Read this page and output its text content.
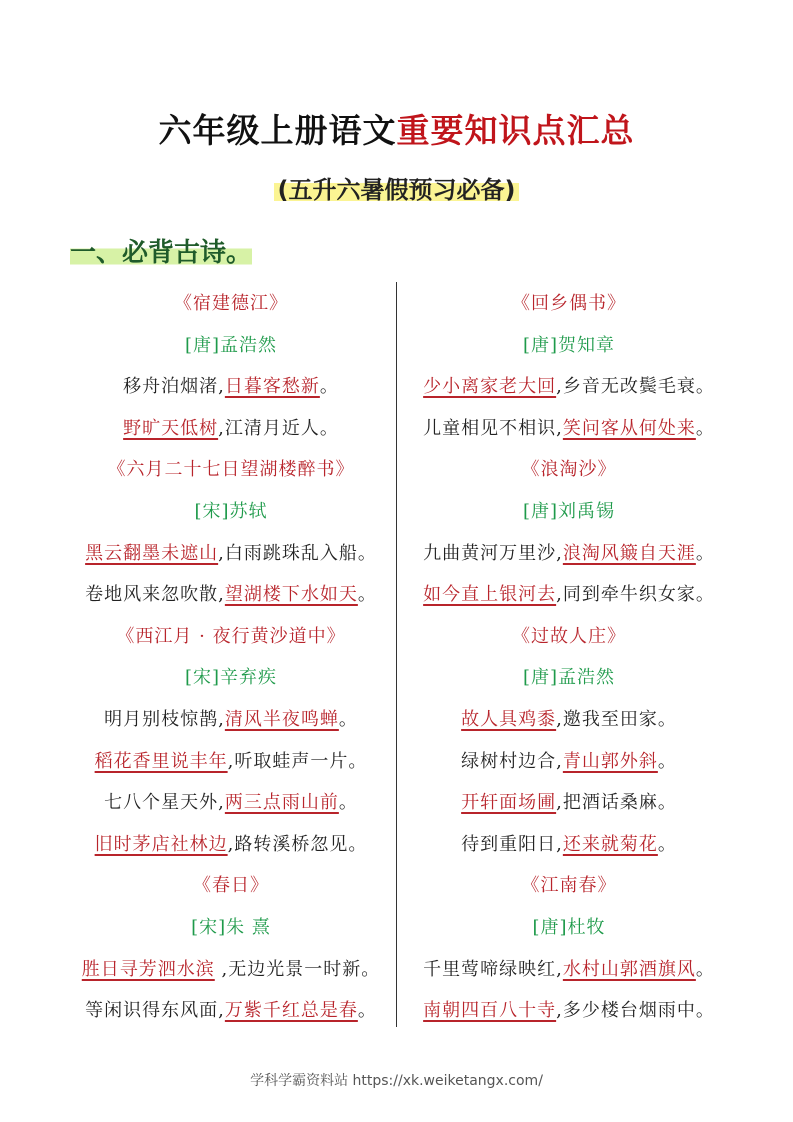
六年级上册语文重要知识点汇总
(五升六暑假预习必备)
一、必背古诗。
《宿建德江》
[唐]孟浩然
移舟泊烟渚,日暮客愁新。
野旷天低树,江清月近人。
《六月二十七日望湖楼醉书》
[宋]苏轼
黑云翻墨未遮山,白雨跳珠乱入船。
卷地风来忽吹散,望湖楼下水如天。
《西江月 · 夜行黄沙道中》
[宋]辛弃疾
明月别枝惊鹊,清风半夜鸣蝉。
稻花香里说丰年,听取蛙声一片。
七八个星天外,两三点雨山前。
旧时茅店社林边,路转溪桥忽见。
《春日》
[宋]朱 熹
胜日寻芳泗水滨 ,无边光景一时新。
等闲识得东风面,万紫千红总是春。
《回乡偶书》
[唐]贺知章
少小离家老大回,乡音无改鬓毛衰。
儿童相见不相识,笑问客从何处来。
《浪淘沙》
[唐]刘禹锡
九曲黄河万里沙,浪淘风簸自天涯。
如今直上银河去,同到牵牛织女家。
《过故人庄》
[唐]孟浩然
故人具鸡黍,邀我至田家。
绿树村边合,青山郭外斜。
开轩面场圃,把酒话桑麻。
待到重阳日,还来就菊花。
《江南春》
[唐]杜牧
千里莺啼绿映红,水村山郭酒旗风。
南朝四百八十寺,多少楼台烟雨中。
学科学霸资料站 https://xk.weiketangx.com/
